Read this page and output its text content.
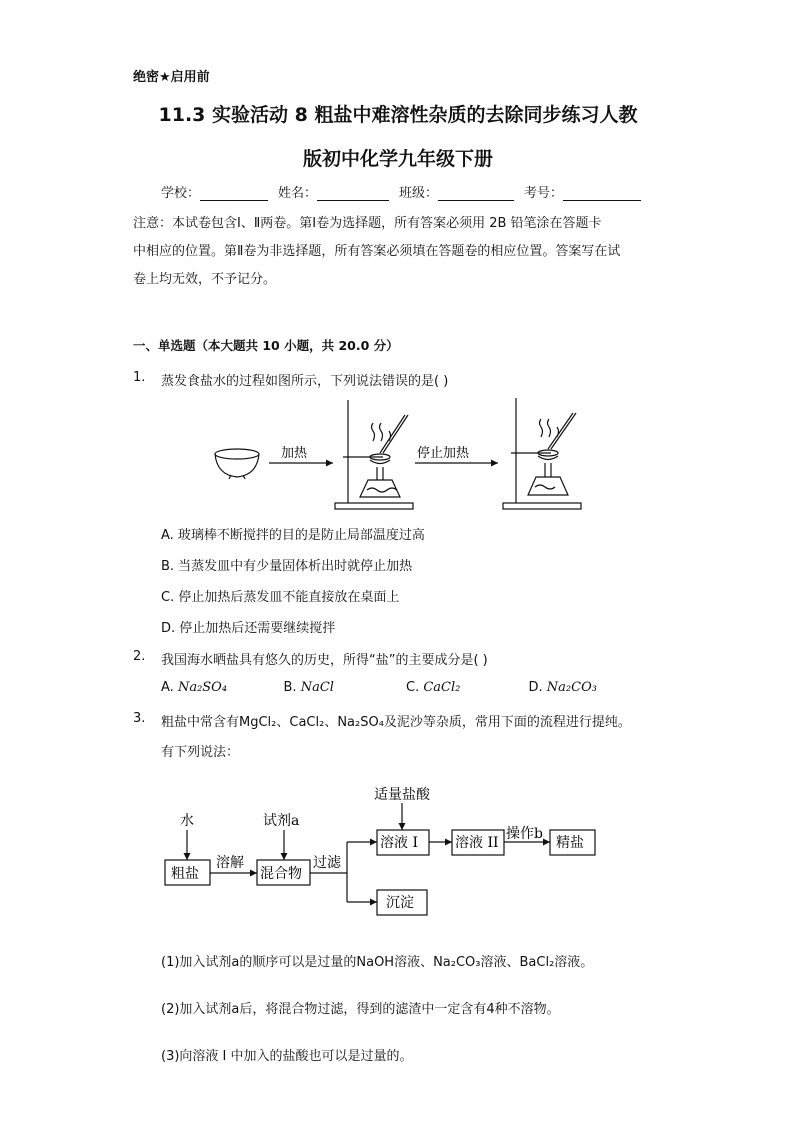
绝密★启用前
11.3 实验活动 8 粗盐中难溶性杂质的去除同步练习人教
版初中化学九年级下册
学校：	姓名：	班级：	考号：
注意：本试卷包含Ⅰ、Ⅱ两卷。第Ⅰ卷为选择题，所有答案必须用 2B 铅笔涂在答题卡
中相应的位置。第Ⅱ卷为非选择题，所有答案必须填在答题卷的相应位置。答案写在试
卷上均无效，不予记分。
一、单选题（本大题共 10 小题，共 20.0 分）
1. 蒸发食盐水的过程如图所示，下列说法错误的是( )
加热	停止加热
A. 玻璃棒不断搅拌的目的是防止局部温度过高
B. 当蒸发皿中有少量固体析出时就停止加热
C. 停止加热后蒸发皿不能直接放在桌面上
D. 停止加热后还需要继续搅拌
2. 我国海水晒盐具有悠久的历史，所得“盐”的主要成分是( )
A. Na₂SO₄	B. NaCl	C. CaCl₂	D. Na₂CO₃
3. 粗盐中常含有MgCl₂、CaCl₂、Na₂SO₄及泥沙等杂质，常用下面的流程进行提纯。
有下列说法：
水	试剂a
适量盐酸
粗盐
溶解
混合物
过滤
溶液 I	溶液 II
操作b
精盐
沉淀
(1)加入试剂a的顺序可以是过量的NaOH溶液、Na₂CO₃溶液、BaCl₂溶液。
(2)加入试剂a后，将混合物过滤，得到的滤渣中一定含有4种不溶物。
(3)向溶液 I 中加入的盐酸也可以是过量的。
